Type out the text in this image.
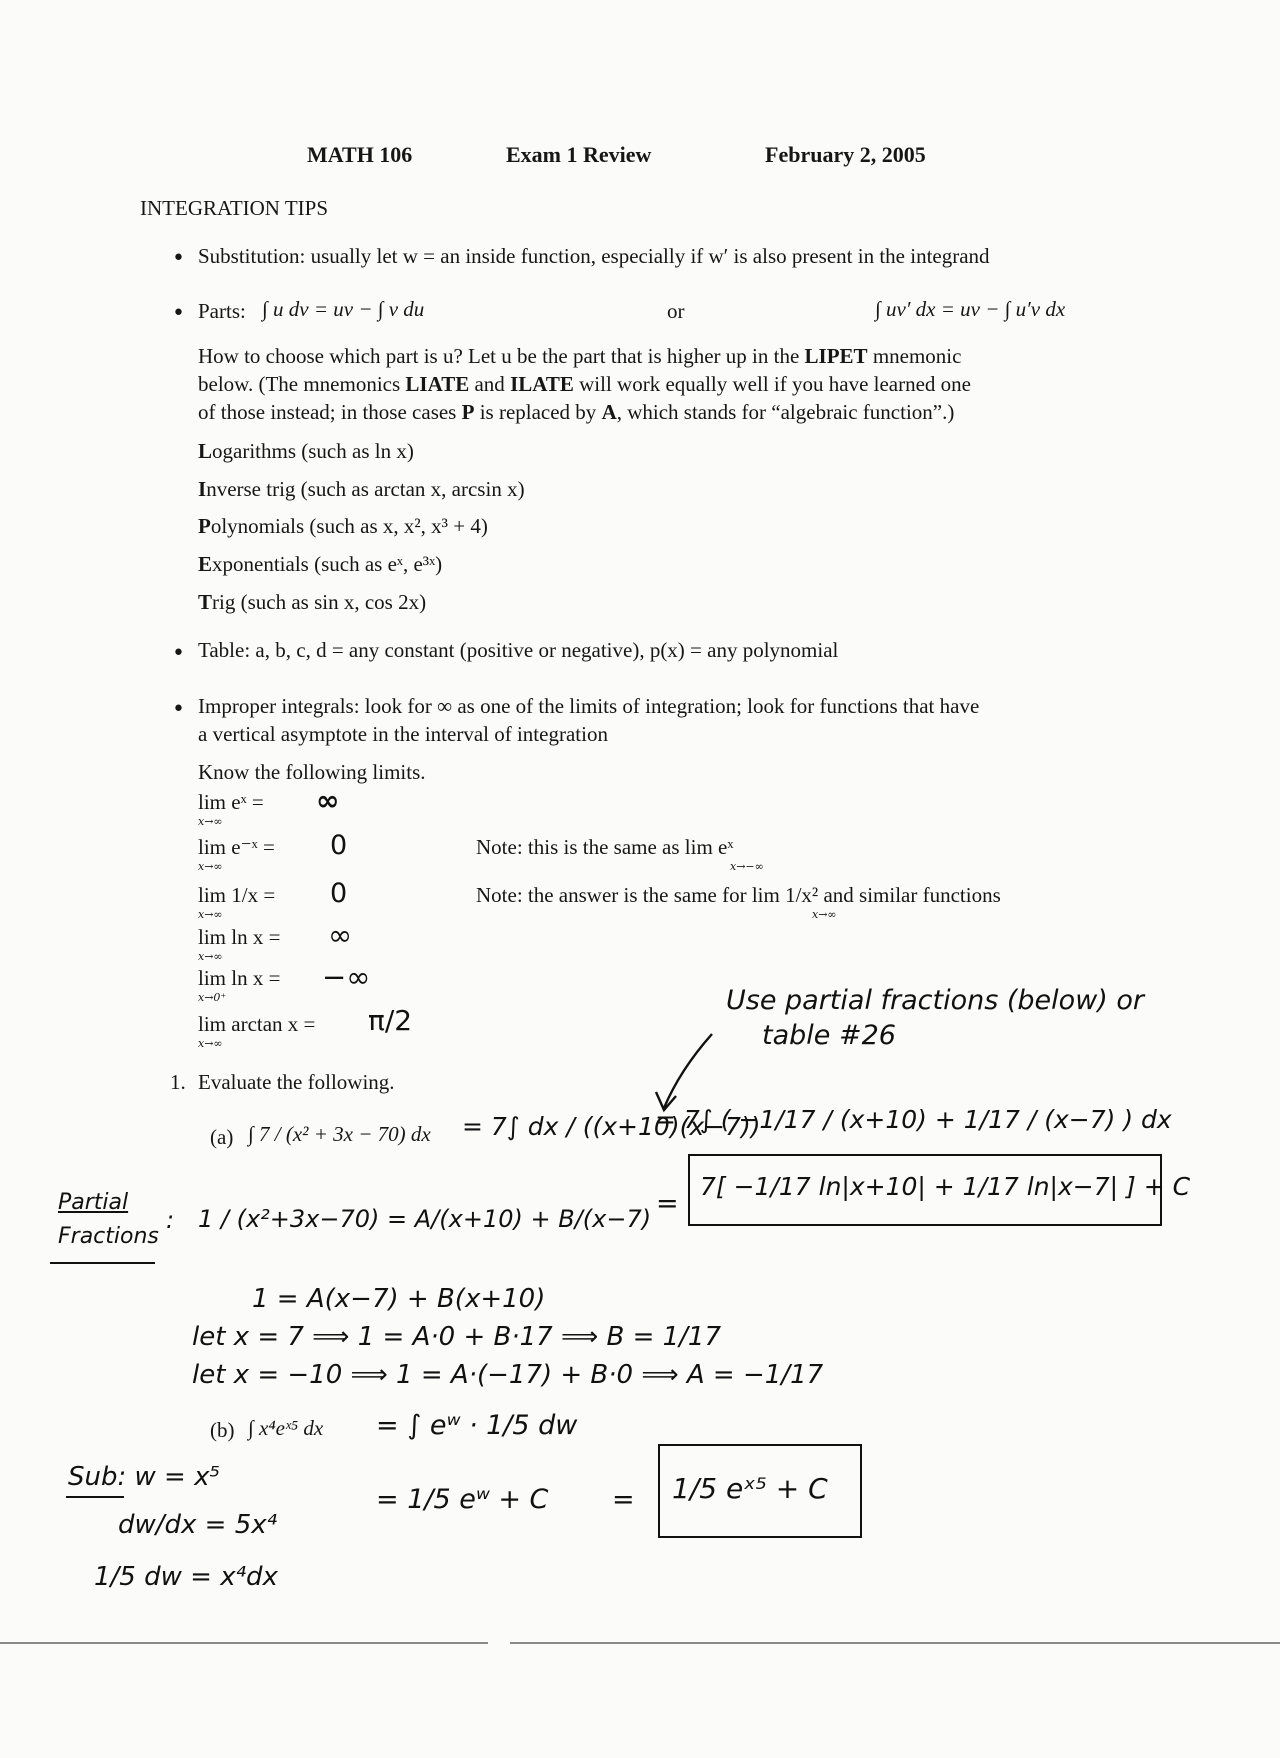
MATH 106	Exam 1 Review	February 2, 2005
INTEGRATION TIPS
• Substitution: usually let w = an inside function, especially if w′ is also present in the integrand
• Parts: ∫ u dv = uv − ∫ v du	or	∫ uv′ dx = uv − ∫ u′v dx
How to choose which part is u? Let u be the part that is higher up in the LIPET mnemonic
below. (The mnemonics LIATE and ILATE will work equally well if you have learned one
of those instead; in those cases P is replaced by A, which stands for “algebraic function”.)
Logarithms (such as ln x)
Inverse trig (such as arctan x, arcsin x)
Polynomials (such as x, x², x³ + 4)
Exponentials (such as eˣ, e³ˣ)
Trig (such as sin x, cos 2x)
• Table: a, b, c, d = any constant (positive or negative), p(x) = any polynomial
• Improper integrals: look for ∞ as one of the limits of integration; look for functions that have
a vertical asymptote in the interval of integration
Know the following limits.
lim eˣ =
x→∞
∞
lim e⁻ˣ =
x→∞
0	Note: this is the same as lim eˣ
x→−∞
lim 1/x =
x→∞
0	Note: the answer is the same for lim 1/x² and similar functions
x→∞
lim ln x =
x→∞
∞
lim ln x =
x→0⁺
−∞
lim arctan x =
x→∞
π/2
Use partial fractions (below) or
table #26
1. Evaluate the following.
(a) ∫ 7 / (x² + 3x − 70) dx = 7∫ dx / ((x+10)(x−7))
= 7∫ ( −1/17 / (x+10) + 1/17 / (x−7) ) dx
=
7[ −1/17 ln|x+10| + 1/17 ln|x−7| ] + C
Partial
Fractions
: 1 / (x²+3x−70) = A/(x+10) + B/(x−7)
1 = A(x−7) + B(x+10)
let x = 7 ⟹ 1 = A·0 + B·17 ⟹ B = 1/17
let x = −10 ⟹ 1 = A·(−17) + B·0 ⟹ A = −1/17
(b) ∫ x⁴eˣ⁵ dx = ∫ eʷ · 1/5 dw
= 1/5 eʷ + C = 1/5 eˣ⁵ + C
Sub: w = x⁵
dw/dx = 5x⁴
1/5 dw = x⁴dx
